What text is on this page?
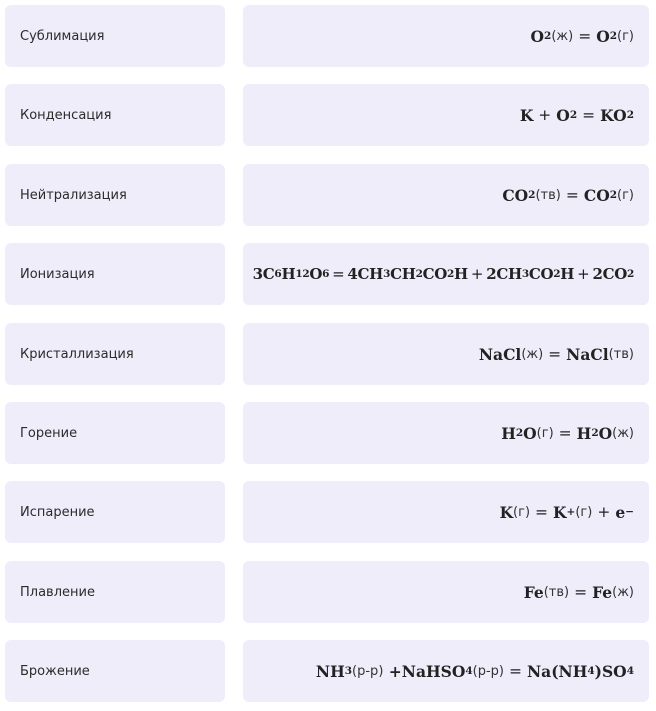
Сублимация	O 2 (ж) = O 2 (г)
Конденсация	K + O 2 = KO 2
Нейтрализация	CO 2 (тв) = CO 2 (г)
Ионизация	3C 6 H 12 O 6 = 4CH 3 CH 2 CO 2 H + 2CH 3 CO 2 H + 2CO 2
Кристаллизация	NaCl (ж) = NaCl (тв)
Горение	H 2 O (г) = H 2 O (ж)
Испарение	K (г) = K + (г) + e −
Плавление	Fe (тв) = Fe (ж)
Брожение	NH 3 (р-р) +NaHSO 4 (р-р) = Na(NH 4 )SO 4
